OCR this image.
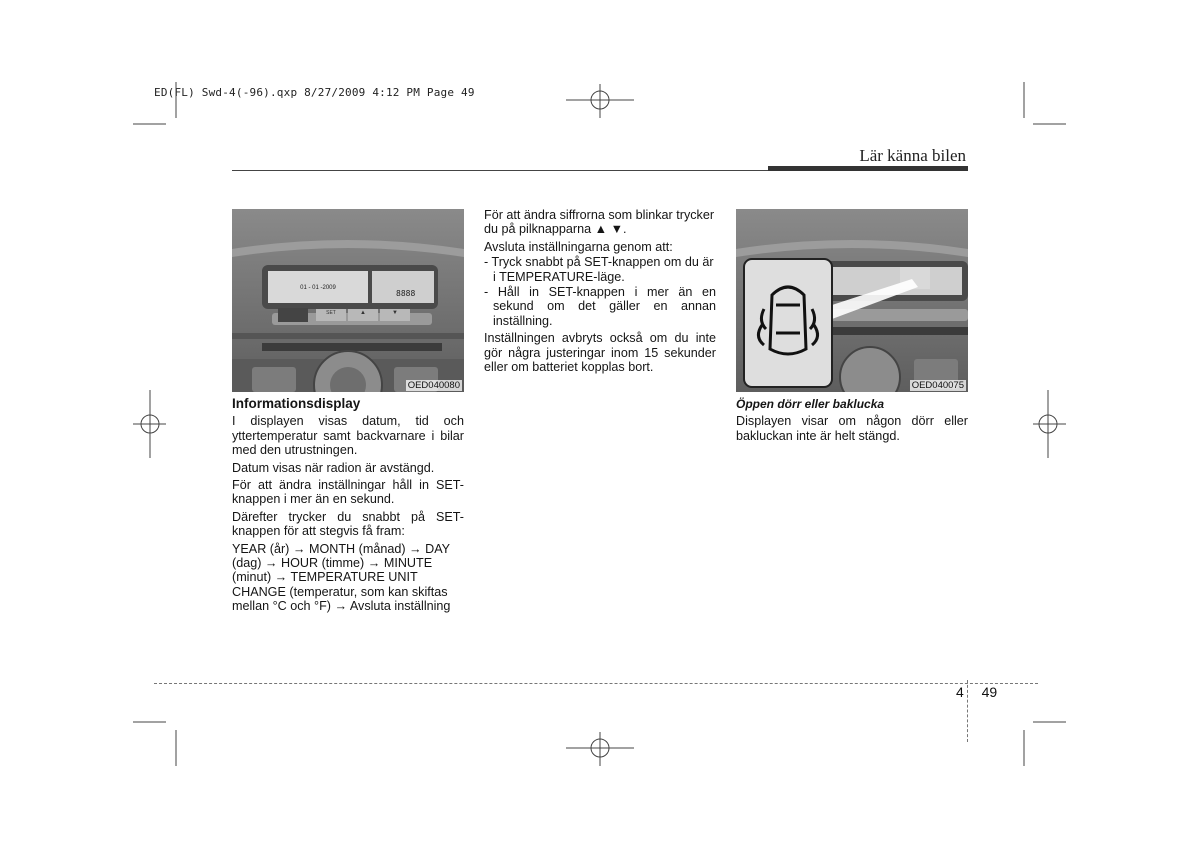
ED(FL) Swd-4(-96).qxp 8/27/2009 4:12 PM Page 49
Lär känna bilen
01 - 01 -2009
8888
SET	▲	▼
OED040080

Informationsdisplay

I displayen visas datum, tid och yttertemperatur samt backvarnare i bilar med den utrustningen.

Datum visas när radion är avstängd.

För att ändra inställningar håll in SET-knappen i mer än en sekund.

Därefter trycker du snabbt på SET-knappen för att stegvis få fram:

YEAR (år) → MONTH (månad) → DAY (dag) → HOUR (timme) → MINUTE (minut) → TEMPERATURE UNIT CHANGE (temperatur, som kan skiftas mellan °C och °F) → Avsluta inställning

För att ändra siffrorna som blinkar trycker du på pilknapparna ▲ ▼.

Avsluta inställningarna genom att:

- Tryck snabbt på SET-knappen om du är i TEMPERATURE-läge.

- Håll in SET-knappen i mer än en sekund om det gäller en annan inställning.

Inställningen avbryts också om du inte gör några justeringar inom 15 sekunder eller om batteriet kopplas bort.

OED040075

Öppen dörr eller baklucka

Displayen visar om någon dörr eller bakluckan inte är helt stängd.

4 49
